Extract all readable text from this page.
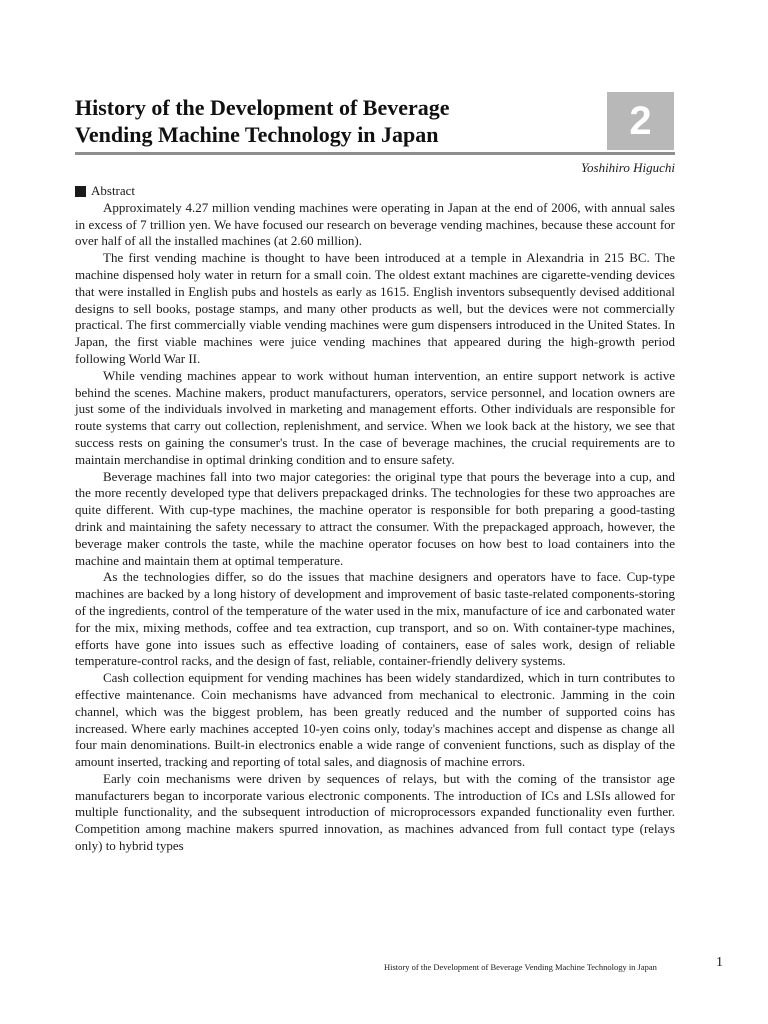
History of the Development of Beverage
Vending Machine Technology in Japan	2
Yoshihiro Higuchi
Abstract

Approximately 4.27 million vending machines were operating in Japan at the end of 2006, with annual sales in excess of 7 trillion yen. We have focused our research on beverage vending machines, because these account for over half of all the installed machines (at 2.60 million).

The first vending machine is thought to have been introduced at a temple in Alexandria in 215 BC. The machine dispensed holy water in return for a small coin. The oldest extant machines are cigarette-vending devices that were installed in English pubs and hostels as early as 1615. English inventors subsequently devised additional designs to sell books, postage stamps, and many other products as well, but the devices were not commercially practical. The first commercially viable vending machines were gum dispensers introduced in the United States. In Japan, the first viable machines were juice vending machines that appeared during the high-growth period following World War II.

While vending machines appear to work without human intervention, an entire support network is active behind the scenes. Machine makers, product manufacturers, operators, service personnel, and location owners are just some of the individuals involved in marketing and management efforts. Other individuals are responsible for route systems that carry out collection, replenishment, and service. When we look back at the history, we see that success rests on gaining the consumer's trust. In the case of beverage machines, the crucial requirements are to maintain merchandise in optimal drinking condition and to ensure safety.

Beverage machines fall into two major categories: the original type that pours the beverage into a cup, and the more recently developed type that delivers prepackaged drinks. The technologies for these two approaches are quite different. With cup-type machines, the machine operator is responsible for both preparing a good-tasting drink and maintaining the safety necessary to attract the consumer. With the prepackaged approach, however, the beverage maker controls the taste, while the machine operator focuses on how best to load containers into the machine and maintain them at optimal temperature.

As the technologies differ, so do the issues that machine designers and operators have to face. Cup-type machines are backed by a long history of development and improvement of basic taste-related components-storing of the ingredients, control of the temperature of the water used in the mix, manufacture of ice and carbonated water for the mix, mixing methods, coffee and tea extraction, cup transport, and so on. With container-type machines, efforts have gone into issues such as effective loading of containers, ease of sales work, design of reliable temperature-control racks, and the design of fast, reliable, container-friendly delivery systems.

Cash collection equipment for vending machines has been widely standardized, which in turn contributes to effective maintenance. Coin mechanisms have advanced from mechanical to electronic. Jamming in the coin channel, which was the biggest problem, has been greatly reduced and the number of supported coins has increased. Where early machines accepted 10-yen coins only, today's machines accept and dispense as change all four main denominations. Built-in electronics enable a wide range of convenient functions, such as display of the amount inserted, tracking and reporting of total sales, and diagnosis of machine errors.

Early coin mechanisms were driven by sequences of relays, but with the coming of the transistor age manufacturers began to incorporate various electronic components. The introduction of ICs and LSIs allowed for multiple functionality, and the subsequent introduction of microprocessors expanded functionality even further. Competition among machine makers spurred innovation, as machines advanced from full contact type (relays only) to hybrid types

History of the Development of Beverage Vending Machine Technology in Japan	1
